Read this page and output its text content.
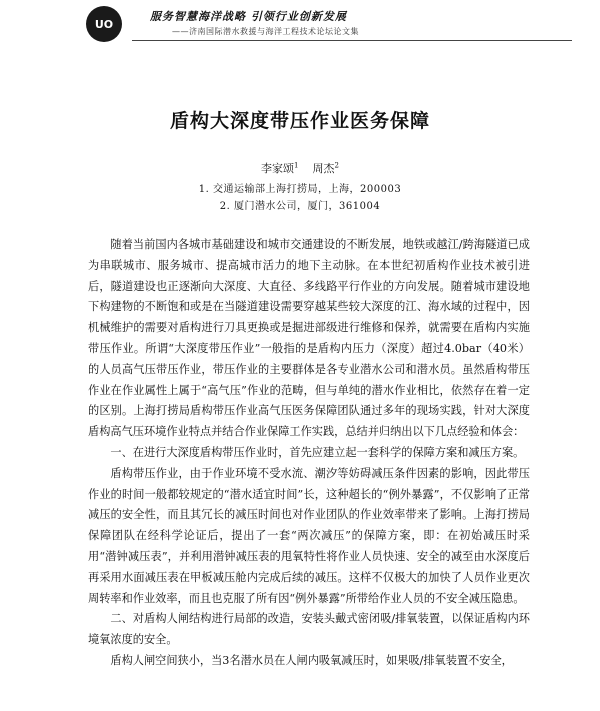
UO
服务智慧海洋战略 引领行业创新发展
——济南国际潜水救援与海洋工程技术论坛论文集
盾构大深度带压作业医务保障
李家颂$^1$ 周杰$^2$
1. 交通运输部上海打捞局，上海，200003
2. 厦门潜水公司，厦门，361004

随着当前国内各城市基础建设和城市交通建设的不断发展，地铁或越江/跨海隧道已成为串联城市、服务城市、提高城市活力的地下主动脉。在本世纪初盾构作业技术被引进后，隧道建设也正逐渐向大深度、大直径、多线路平行作业的方向发展。随着城市建设地下构建物的不断饱和或是在当隧道建设需要穿越某些较大深度的江、海水域的过程中，因机械维护的需要对盾构进行刀具更换或是掘进部级进行维修和保养，就需要在盾构内实施带压作业。所谓“大深度带压作业”一般指的是盾构内压力（深度）超过4.0bar（40米）的人员高气压带压作业，带压作业的主要群体是各专业潜水公司和潜水员。虽然盾构带压作业在作业属性上属于“高气压”作业的范畴，但与单纯的潜水作业相比，依然存在着一定的区别。上海打捞局盾构带压作业高气压医务保障团队通过多年的现场实践，针对大深度盾构高气压环境作业特点并结合作业保障工作实践，总结并归纳出以下几点经验和体会：

一、在进行大深度盾构带压作业时，首先应建立起一套科学的保障方案和减压方案。

盾构带压作业，由于作业环境不受水流、潮汐等妨碍减压条件因素的影响，因此带压作业的时间一般都较规定的“潜水适宜时间”长，这种超长的“例外暴露”，不仅影响了正常减压的安全性，而且其冗长的减压时间也对作业团队的作业效率带来了影响。上海打捞局保障团队在经科学论证后，提出了一套“两次减压”的保障方案，即：在初始减压时采用“潜钟减压表”，并利用潜钟减压表的甩氧特性将作业人员快速、安全的减至由水深度后再采用水面减压表在甲板减压舱内完成后续的减压。这样不仅极大的加快了人员作业更次周转率和作业效率，而且也克服了所有因“例外暴露”所带给作业人员的不安全减压隐患。

二、对盾构人闸结构进行局部的改造，安装头戴式密闭吸/排氧装置，以保证盾构内环境氧浓度的安全。

盾构人闸空间狭小，当3名潜水员在人闸内吸氧减压时，如果吸/排氧装置不安全，
